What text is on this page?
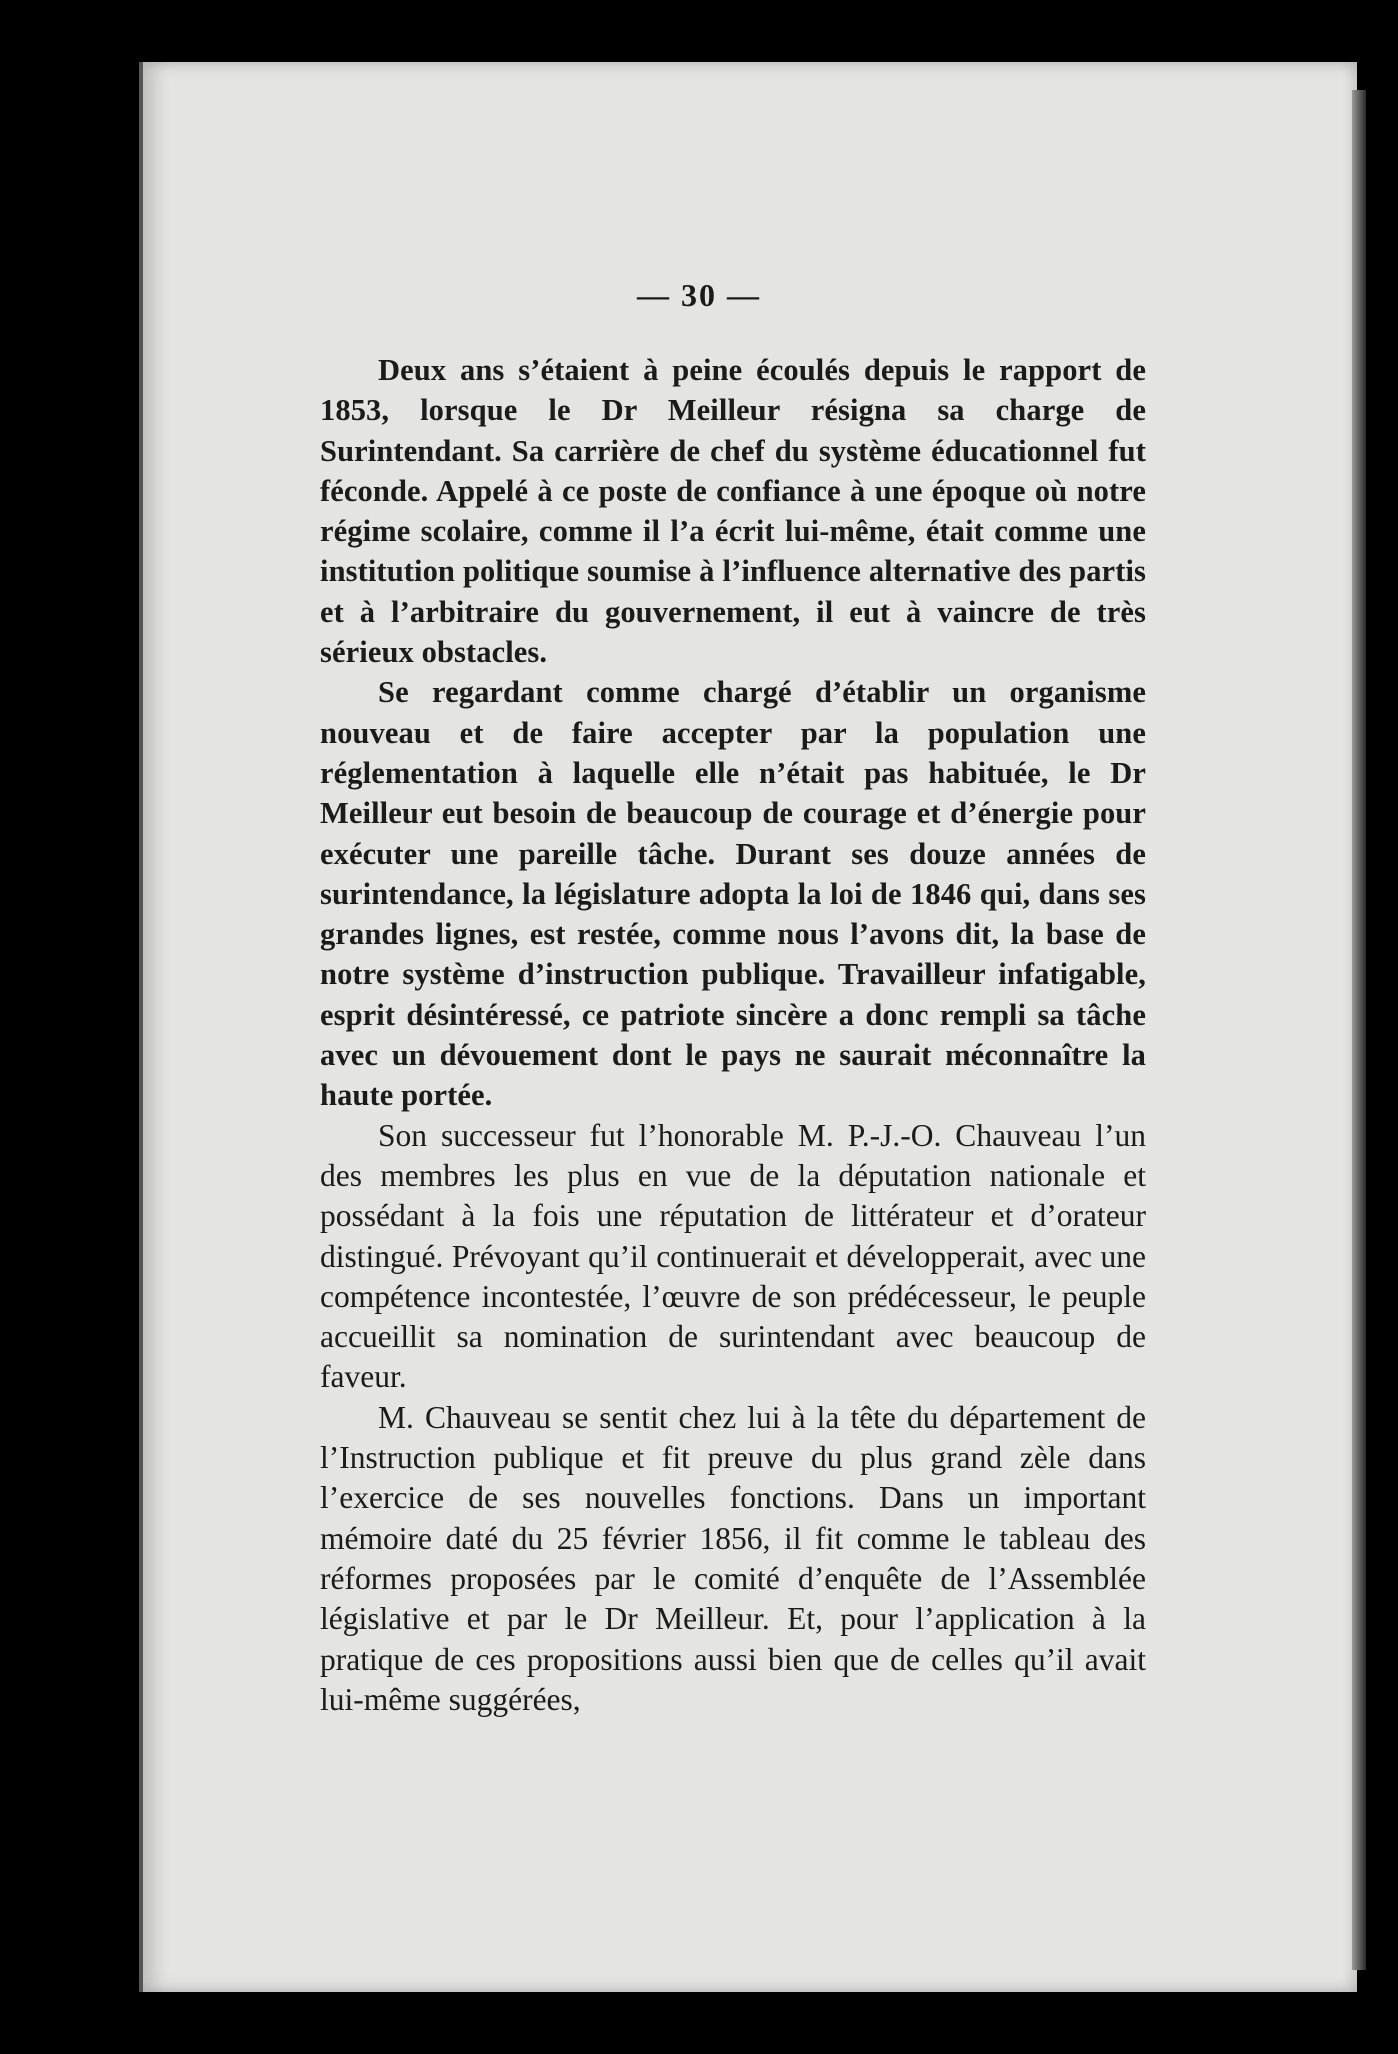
— 30 —

Deux ans s’étaient à peine écoulés depuis le rapport de 1853, lorsque le Dr Meilleur résigna sa charge de Surintendant. Sa carrière de chef du système éducationnel fut féconde. Appelé à ce poste de confiance à une époque où notre régime scolaire, comme il l’a écrit lui-même, était comme une institution politique soumise à l’influence alternative des partis et à l’arbitraire du gouvernement, il eut à vaincre de très sérieux obstacles.

Se regardant comme chargé d’établir un organisme nouveau et de faire accepter par la population une réglementation à laquelle elle n’était pas habituée, le Dr Meilleur eut besoin de beaucoup de courage et d’énergie pour exécuter une pareille tâche. Durant ses douze années de surintendance, la législature adopta la loi de 1846 qui, dans ses grandes lignes, est restée, comme nous l’avons dit, la base de notre système d’instruction publique. Travailleur infatigable, esprit désintéressé, ce patriote sincère a donc rempli sa tâche avec un dévouement dont le pays ne saurait méconnaître la haute portée.

Son successeur fut l’honorable M. P.-J.-O. Chauveau l’un des membres les plus en vue de la députation nationale et possédant à la fois une réputation de littérateur et d’orateur distingué. Prévoyant qu’il continuerait et développerait, avec une compétence incontestée, l’œuvre de son prédécesseur, le peuple accueillit sa nomination de surintendant avec beaucoup de faveur.

M. Chauveau se sentit chez lui à la tête du département de l’Instruction publique et fit preuve du plus grand zèle dans l’exercice de ses nouvelles fonctions. Dans un important mémoire daté du 25 février 1856, il fit comme le tableau des réformes proposées par le comité d’enquête de l’Assemblée législative et par le Dr Meilleur. Et, pour l’application à la pratique de ces propositions aussi bien que de celles qu’il avait lui-même suggérées,
